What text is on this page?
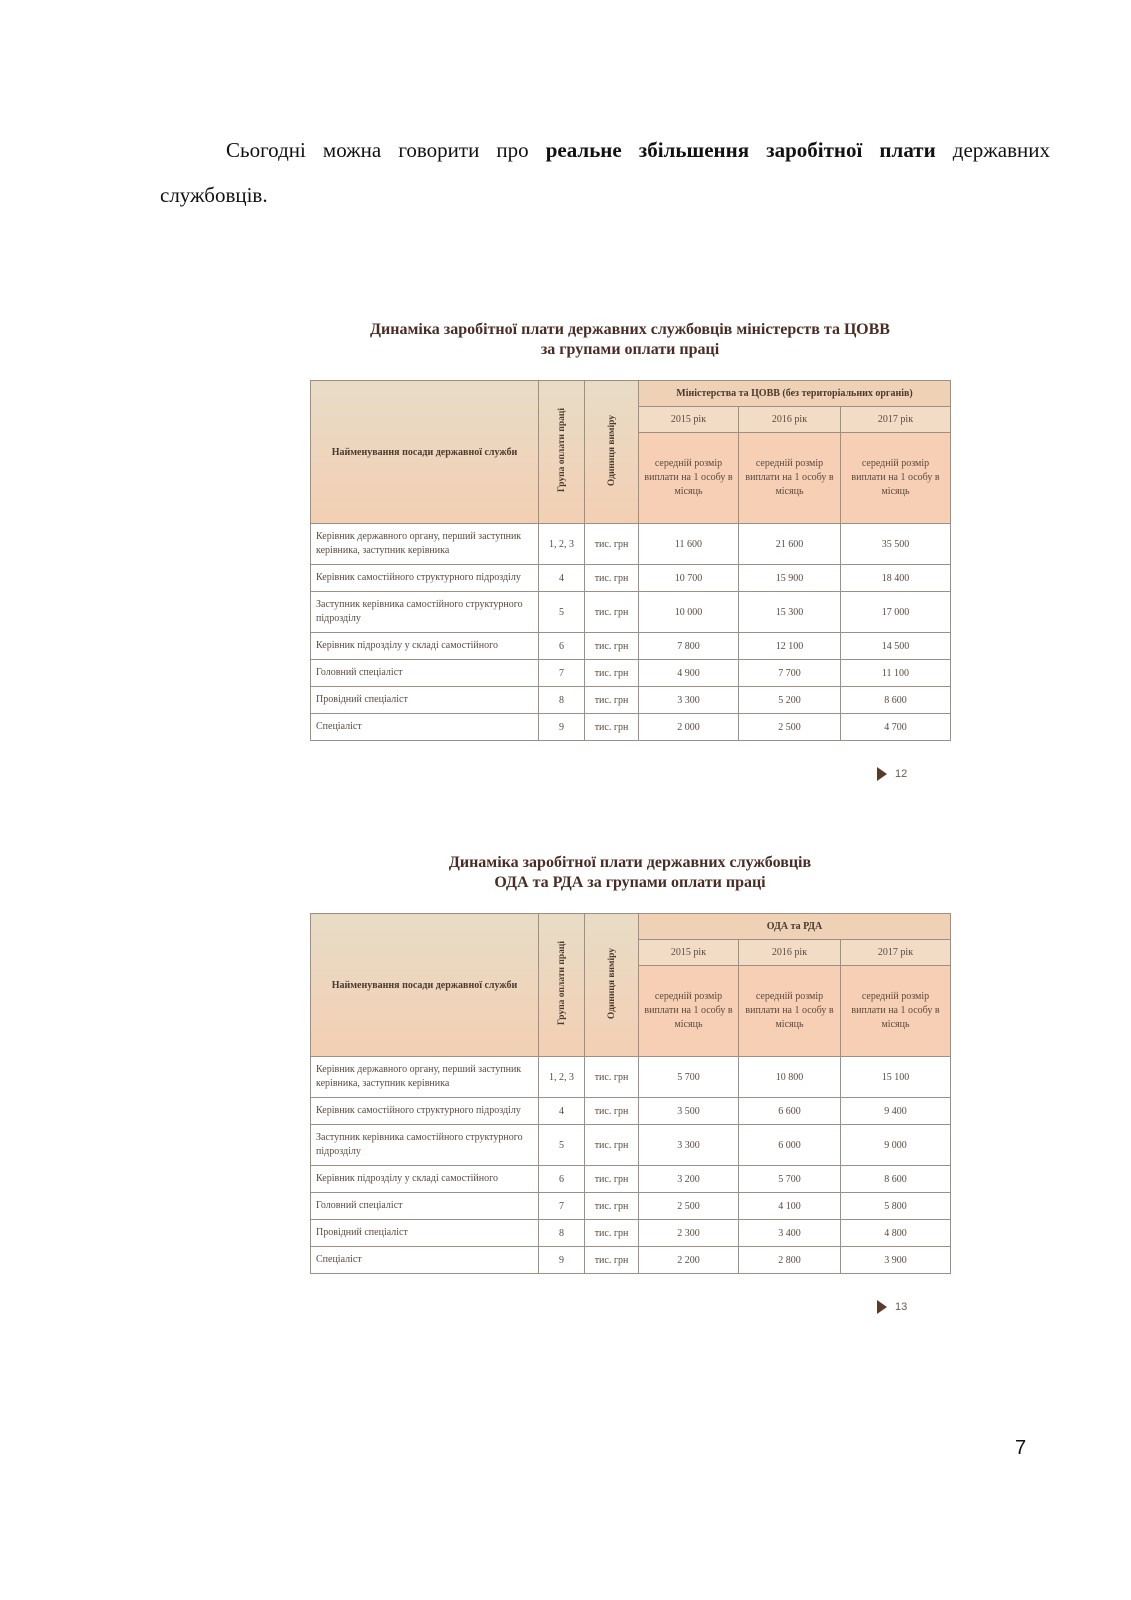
Сьогодні можна говорити про реальне збільшення заробітної плати державних службовців.

Динаміка заробітної плати державних службовців міністерств та ЦОВВ
за групами оплати праці
Найменування посади державної служби	Група оплати праці	Одиниця виміру	Міністерства та ЦОВВ (без територіальних органів)		
			2015 рік	2016 рік	2017 рік
			середній розмір виплати на 1 особу в місяць	середній розмір виплати на 1 особу в місяць	середній розмір виплати на 1 особу в місяць
Керівник державного органу, перший заступник керівника, заступник керівника	1, 2, 3	тис. грн	11 600	21 600	35 500
Керівник самостійного структурного підрозділу	4	тис. грн	10 700	15 900	18 400
Заступник керівника самостійного структурного підрозділу	5	тис. грн	10 000	15 300	17 000
Керівник підрозділу у складі самостійного	6	тис. грн	7 800	12 100	14 500
Головний спеціаліст	7	тис. грн	4 900	7 700	11 100
Провідний спеціаліст	8	тис. грн	3 300	5 200	8 600
Спеціаліст	9	тис. грн	2 000	2 500	4 700
12
Динаміка заробітної плати державних службовців
ОДА та РДА за групами оплати праці
Найменування посади державної служби	Група оплати праці	Одиниця виміру	ОДА та РДА		
			2015 рік	2016 рік	2017 рік
			середній розмір виплати на 1 особу в місяць	середній розмір виплати на 1 особу в місяць	середній розмір виплати на 1 особу в місяць
Керівник державного органу, перший заступник керівника, заступник керівника	1, 2, 3	тис. грн	5 700	10 800	15 100
Керівник самостійного структурного підрозділу	4	тис. грн	3 500	6 600	9 400
Заступник керівника самостійного структурного підрозділу	5	тис. грн	3 300	6 000	9 000
Керівник підрозділу у складі самостійного	6	тис. грн	3 200	5 700	8 600
Головний спеціаліст	7	тис. грн	2 500	4 100	5 800
Провідний спеціаліст	8	тис. грн	2 300	3 400	4 800
Спеціаліст	9	тис. грн	2 200	2 800	3 900
13
7
